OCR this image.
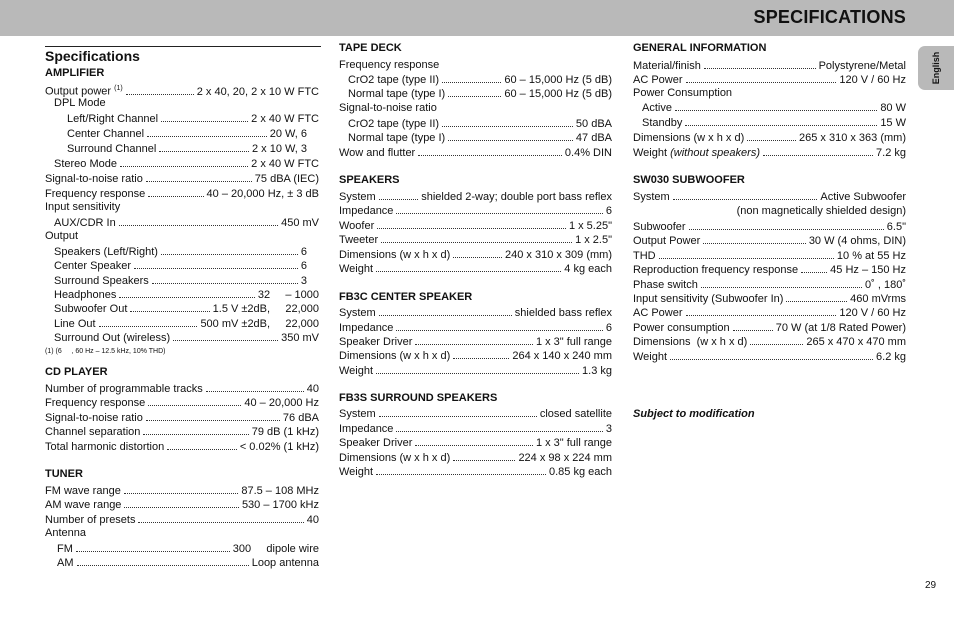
SPECIFICATIONS
English
Specifications
AMPLIFIER
Output power $^{(1)}$	2 x 40, 20, 2 x 10 W FTC
DPL Mode
Left/Right Channel	2 x 40 W FTC
Center Channel	20 W, 6
Surround Channel	2 x 10 W, 3
Stereo Mode	2 x 40 W FTC
Signal-to-noise ratio	75 dBA (IEC)
Frequency response	40 – 20,000 Hz, ± 3 dB
Input sensitivity
AUX/CDR In	450 mV
Output
Speakers (Left/Right)	6
Center Speaker	6
Surround Speakers	3
Headphones	32     – 1000
Subwoofer Out	1.5 V ±2dB,     22,000
Line Out	500 mV ±2dB,     22,000
Surround Out (wireless)	350 mV
(1) (6     , 60 Hz – 12.5 kHz, 10% THD)
CD PLAYER
Number of programmable tracks	40
Frequency response	40 – 20,000 Hz
Signal-to-noise ratio	76 dBA
Channel separation	79 dB (1 kHz)
Total harmonic distortion	< 0.02% (1 kHz)
TUNER
FM wave range	87.5 – 108 MHz
AM wave range	530 – 1700 kHz
Number of presets	40
Antenna
FM	300     dipole wire
AM	Loop antenna
TAPE DECK
Frequency response
CrO2 tape (type II)	60 – 15,000 Hz (5 dB)
Normal tape (type I)	60 – 15,000 Hz (5 dB)
Signal-to-noise ratio
CrO2 tape (type II)	50 dBA
Normal tape (type I)	47 dBA
Wow and flutter	0.4% DIN
SPEAKERS
System	shielded 2-way; double port bass reflex
Impedance	6
Woofer	1 x 5.25"
Tweeter	1 x 2.5"
Dimensions (w x h x d)	240 x 310 x 309 (mm)
Weight	4 kg each
FB3C CENTER SPEAKER
System	shielded bass reflex
Impedance	6
Speaker Driver	1 x 3" full range
Dimensions (w x h x d)	264 x 140 x 240 mm
Weight	1.3 kg
FB3S SURROUND SPEAKERS
System	closed satellite
Impedance	3
Speaker Driver	1 x 3" full range
Dimensions (w x h x d)	224 x 98 x 224 mm
Weight	0.85 kg each
GENERAL INFORMATION
Material/finish	Polystyrene/Metal
AC Power	120 V / 60 Hz
Power Consumption
Active	80 W
Standby	15 W
Dimensions (w x h x d)	265 x 310 x 363 (mm)
Weight (without speakers)	7.2 kg
SW030 SUBWOOFER
System	Active Subwoofer
(non magnetically shielded design)
Subwoofer	6.5"
Output Power	30 W (4 ohms, DIN)
THD	10 % at 55 Hz
Reproduction frequency response	45 Hz – 150 Hz
Phase switch	0˚ , 180˚
Input sensitivity (Subwoofer In)	460 mVrms
AC Power	120 V / 60 Hz
Power consumption	70 W (at 1/8 Rated Power)
Dimensions  (w x h x d)	265 x 470 x 470 mm
Weight	6.2 kg
Subject to modification
29
